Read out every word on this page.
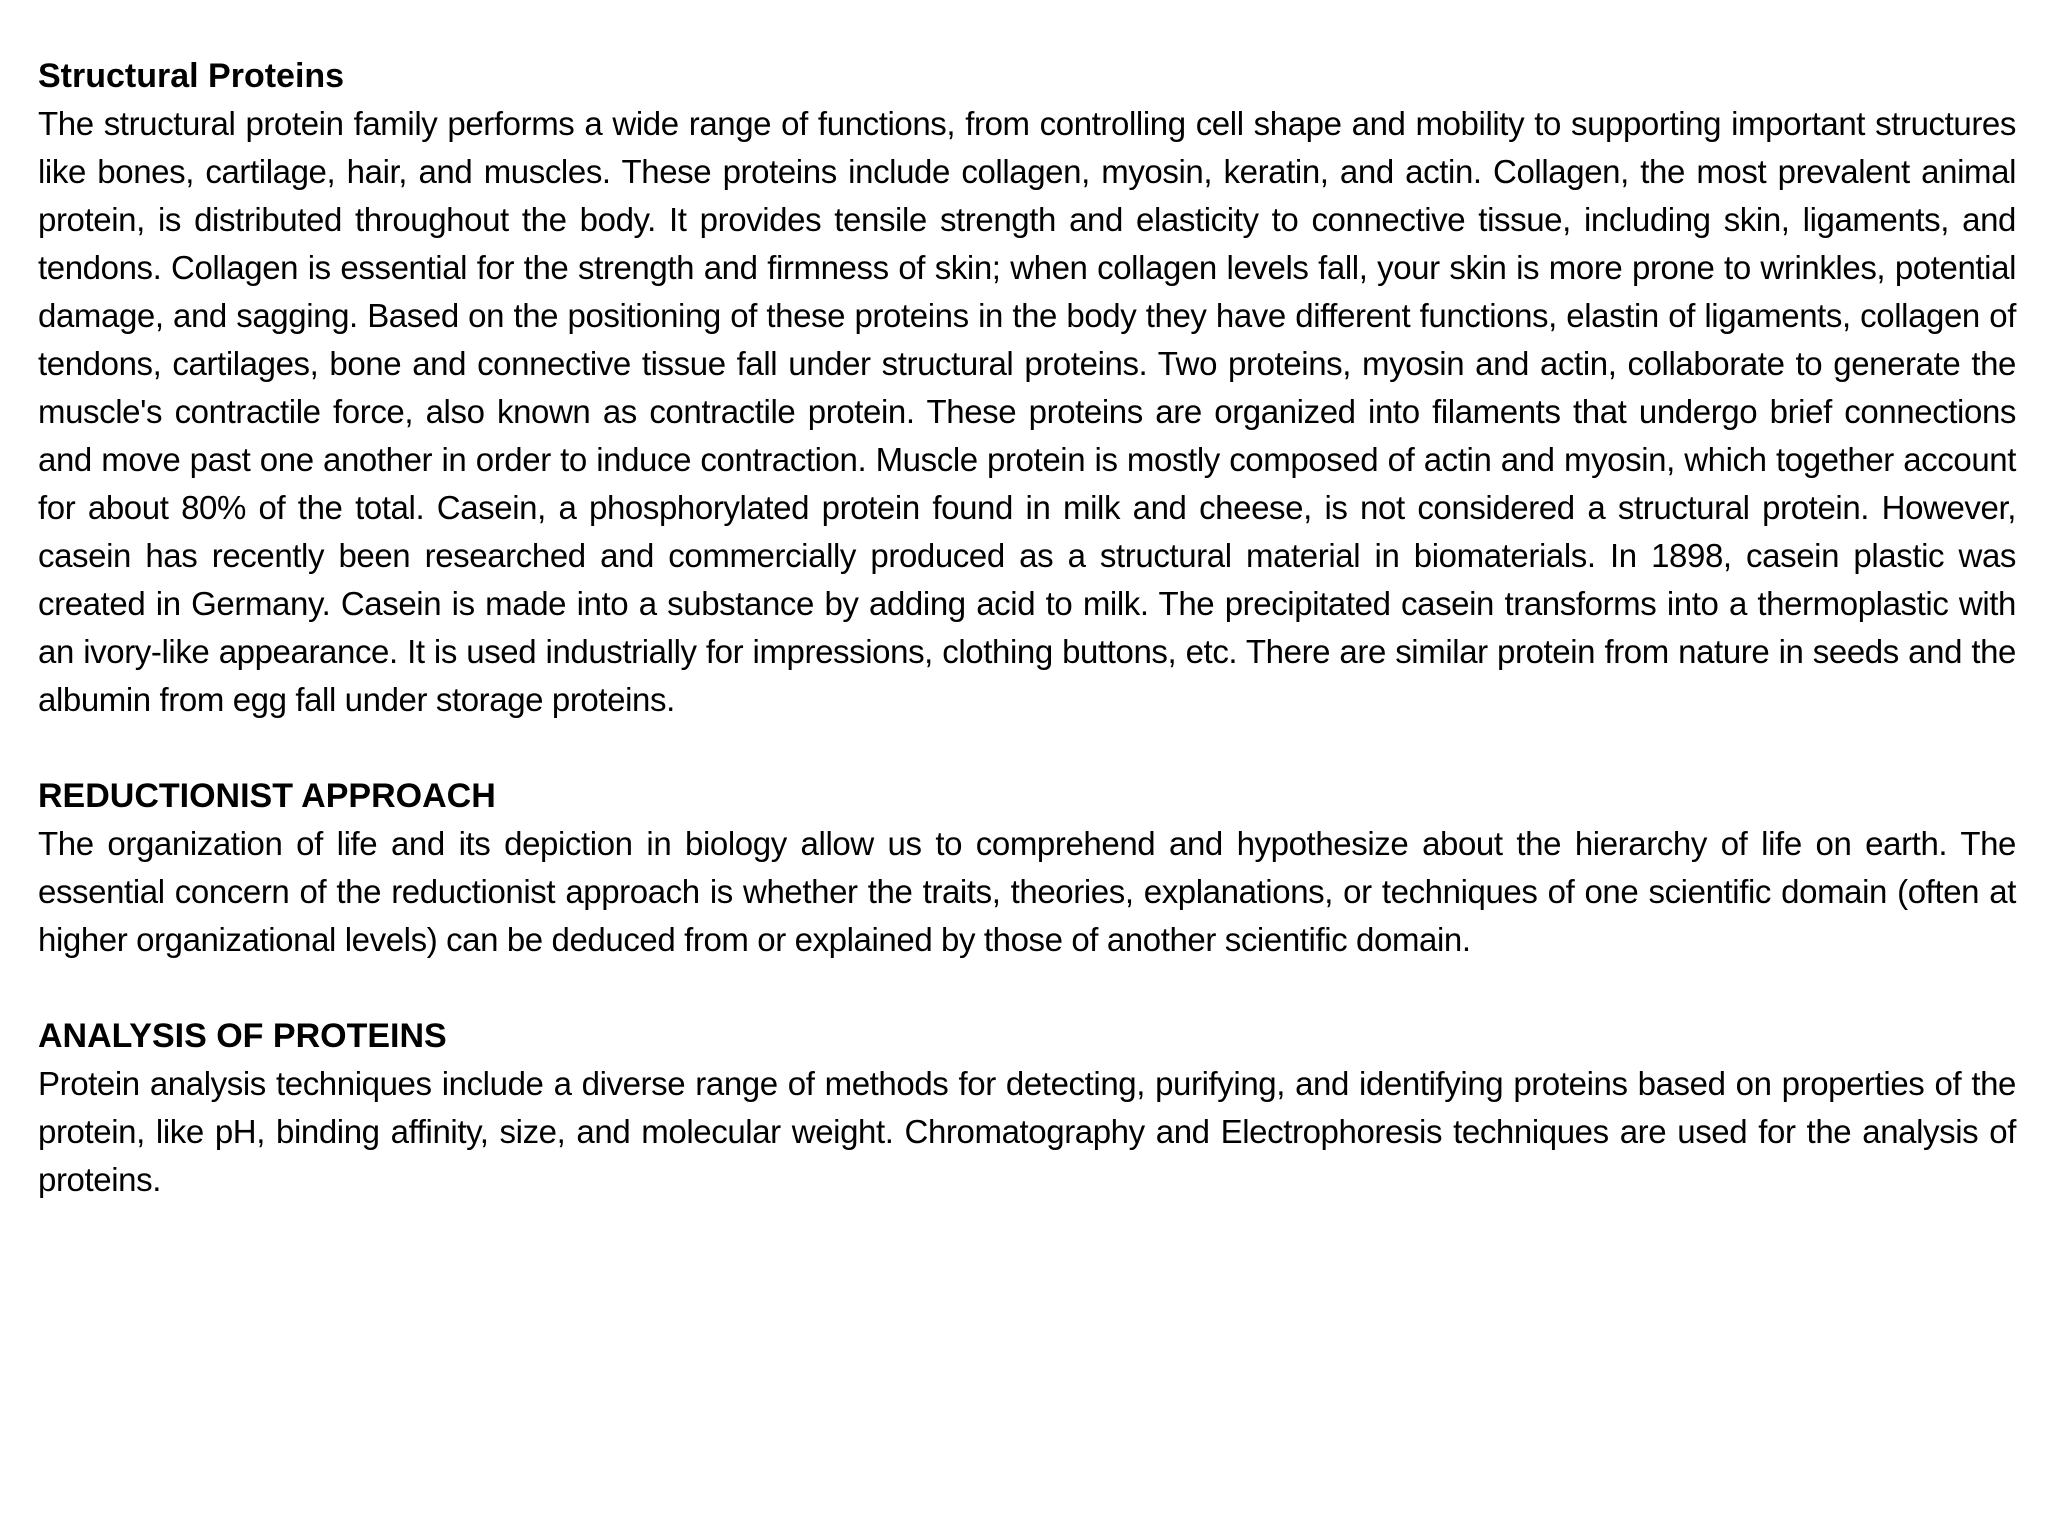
Structural Proteins

The structural protein family performs a wide range of functions, from controlling cell shape and mobility to supporting important structures like bones, cartilage, hair, and muscles. These proteins include collagen, myosin, keratin, and actin. Collagen, the most prevalent animal protein, is distributed throughout the body. It provides tensile strength and elasticity to connective tissue, including skin, ligaments, and tendons. Collagen is essential for the strength and firmness of skin; when collagen levels fall, your skin is more prone to wrinkles, potential damage, and sagging. Based on the positioning of these proteins in the body they have different functions, elastin of ligaments, collagen of tendons, cartilages, bone and connective tissue fall under structural proteins. Two proteins, myosin and actin, collaborate to generate the muscle's contractile force, also known as contractile protein. These proteins are organized into filaments that undergo brief connections and move past one another in order to induce contraction. Muscle protein is mostly composed of actin and myosin, which together account for about 80% of the total. Casein, a phosphorylated protein found in milk and cheese, is not considered a structural protein. However, casein has recently been researched and commercially produced as a structural material in biomaterials. In 1898, casein plastic was created in Germany. Casein is made into a substance by adding acid to milk. The precipitated casein transforms into a thermoplastic with an ivory-like appearance. It is used industrially for impressions, clothing buttons, etc. There are similar protein from nature in seeds and the albumin from egg fall under storage proteins.

REDUCTIONIST APPROACH

The organization of life and its depiction in biology allow us to comprehend and hypothesize about the hierarchy of life on earth. The essential concern of the reductionist approach is whether the traits, theories, explanations, or techniques of one scientific domain (often at higher organizational levels) can be deduced from or explained by those of another scientific domain.

ANALYSIS OF PROTEINS

Protein analysis techniques include a diverse range of methods for detecting, purifying, and identifying proteins based on properties of the protein, like pH, binding affinity, size, and molecular weight. Chromatography and Electrophoresis techniques are used for the analysis of proteins.
